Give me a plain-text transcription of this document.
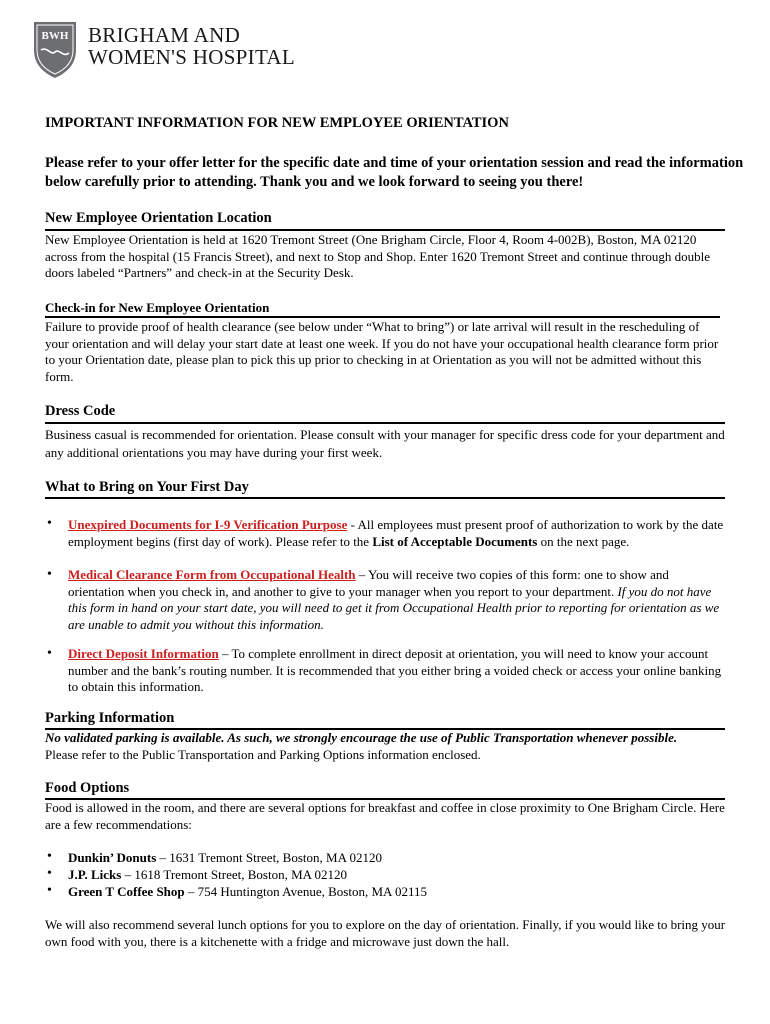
BWH BRIGHAM AND
WOMEN'S HOSPITAL
IMPORTANT INFORMATION FOR NEW EMPLOYEE ORIENTATION
Please refer to your offer letter for the specific date and time of your orientation session and read the information below carefully prior to attending. Thank you and we look forward to seeing you there!
New Employee Orientation Location
New Employee Orientation is held at 1620 Tremont Street (One Brigham Circle, Floor 4, Room 4-002B), Boston, MA 02120 across from the hospital (15 Francis Street), and next to Stop and Shop. Enter 1620 Tremont Street and continue through double doors labeled “Partners” and check-in at the Security Desk.
Check-in for New Employee Orientation
Failure to provide proof of health clearance (see below under “What to bring”) or late arrival will result in the rescheduling of your orientation and will delay your start date at least one week. If you do not have your occupational health clearance form prior to your Orientation date, please plan to pick this up prior to checking in at Orientation as you will not be admitted without this form.
Dress Code
Business casual is recommended for orientation. Please consult with your manager for specific dress code for your department and any additional orientations you may have during your first week.
What to Bring on Your First Day
• Unexpired Documents for I-9 Verification Purpose - All employees must present proof of authorization to work by the date employment begins (first day of work). Please refer to the List of Acceptable Documents on the next page.
• Medical Clearance Form from Occupational Health – You will receive two copies of this form: one to show and orientation when you check in, and another to give to your manager when you report to your department. If you do not have this form in hand on your start date, you will need to get it from Occupational Health prior to reporting for orientation as we are unable to admit you without this information.
• Direct Deposit Information – To complete enrollment in direct deposit at orientation, you will need to know your account number and the bank’s routing number. It is recommended that you either bring a voided check or access your online banking to obtain this information.
Parking Information
No validated parking is available. As such, we strongly encourage the use of Public Transportation whenever possible.
Please refer to the Public Transportation and Parking Options information enclosed.
Food Options
Food is allowed in the room, and there are several options for breakfast and coffee in close proximity to One Brigham Circle. Here are a few recommendations:
• Dunkin’ Donuts – 1631 Tremont Street, Boston, MA 02120
• J.P. Licks – 1618 Tremont Street, Boston, MA 02120
• Green T Coffee Shop – 754 Huntington Avenue, Boston, MA 02115
We will also recommend several lunch options for you to explore on the day of orientation. Finally, if you would like to bring your own food with you, there is a kitchenette with a fridge and microwave just down the hall.
